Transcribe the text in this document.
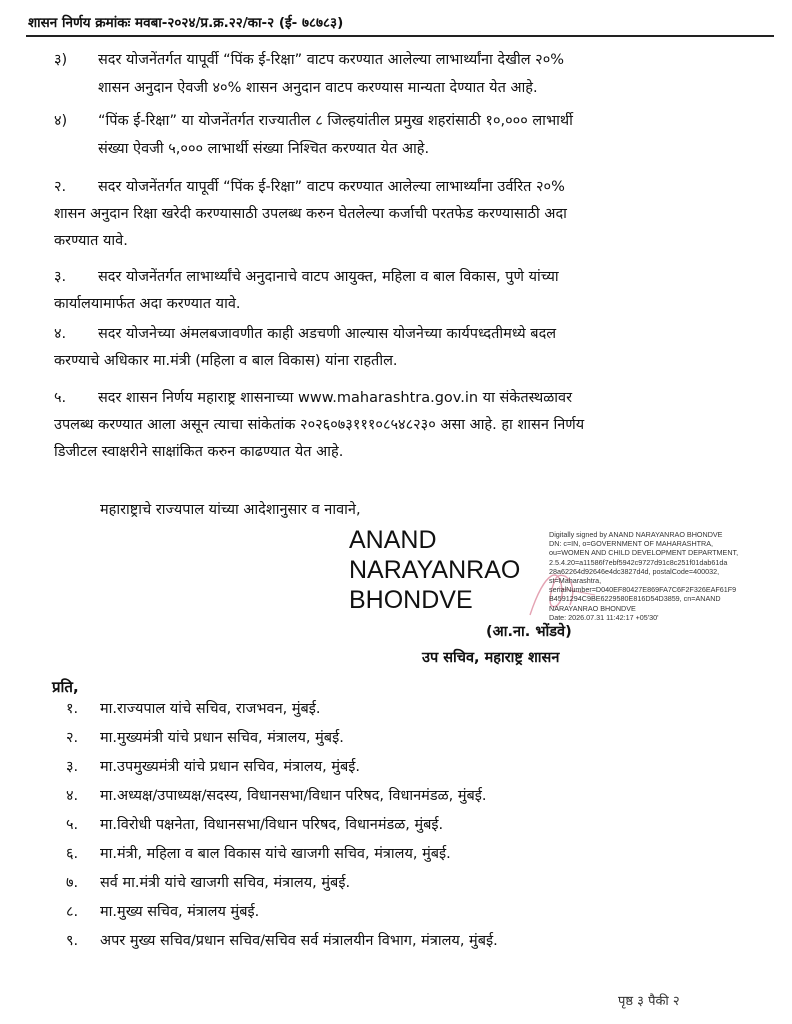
शासन निर्णय क्रमांकः मवबा-२०२४/प्र.क्र.२२/का-२ (ई- ७८७८३)
३) सदर योजनेंतर्गत यापूर्वी “पिंक ई-रिक्षा” वाटप करण्यात आलेल्या लाभार्थ्यांना देखील २०%
शासन अनुदान ऐवजी ४०% शासन अनुदान वाटप करण्यास मान्यता देण्यात येत आहे.
४) “पिंक ई-रिक्षा” या योजनेंतर्गत राज्यातील ८ जिल्हयांतील प्रमुख शहरांसाठी १०,००० लाभार्थी
संख्या ऐवजी ५,००० लाभार्थी संख्या निश्चित करण्यात येत आहे.
२. सदर योजनेंतर्गत यापूर्वी “पिंक ई-रिक्षा” वाटप करण्यात आलेल्या लाभार्थ्यांना उर्वरित २०%
शासन अनुदान रिक्षा खरेदी करण्यासाठी उपलब्ध करुन घेतलेल्या कर्जाची परतफेड करण्यासाठी अदा
करण्यात यावे.
३. सदर योजनेंतर्गत लाभार्थ्यांचे अनुदानाचे वाटप आयुक्त, महिला व बाल विकास, पुणे यांच्या
कार्यालयामार्फत अदा करण्यात यावे.
४. सदर योजनेच्या अंमलबजावणीत काही अडचणी आल्यास योजनेच्या कार्यपध्दतीमध्ये बदल
करण्याचे अधिकार मा.मंत्री (महिला व बाल विकास) यांना राहतील.
५. सदर शासन निर्णय महाराष्ट्र शासनाच्या www.maharashtra.gov.in या संकेतस्थळावर
उपलब्ध करण्यात आला असून त्याचा सांकेतांक २०२६०७३१११०८५४८२३० असा आहे. हा शासन निर्णय
डिजीटल स्वाक्षरीने साक्षांकित करुन काढण्यात येत आहे.
महाराष्ट्राचे राज्यपाल यांच्या आदेशानुसार व नावाने,
ANAND
NARAYANRAO
BHONDVE
Digitally signed by ANAND NARAYANRAO BHONDVE
DN: c=IN, o=GOVERNMENT OF MAHARASHTRA,
ou=WOMEN AND CHILD DEVELOPMENT DEPARTMENT,
2.5.4.20=a11586f7ebf5942c9727d91c8c251f01dab61da
28a62264d92646e4dc3827d4d, postalCode=400032,
st=Maharashtra,
serialNumber=D040EF80427E869FA7C6F2F326EAF61F9
B4591294C9BE6229580E816D54D3859, cn=ANAND
NARAYANRAO BHONDVE
Date: 2026.07.31 11:42:17 +05'30'
(आ.ना. भोंडवे)
उप सचिव, महाराष्ट्र शासन
प्रति,
१. मा.राज्यपाल यांचे सचिव, राजभवन, मुंबई.
२. मा.मुख्यमंत्री यांचे प्रधान सचिव, मंत्रालय, मुंबई.
३. मा.उपमुख्यमंत्री यांचे प्रधान सचिव, मंत्रालय, मुंबई.
४. मा.अध्यक्ष/उपाध्यक्ष/सदस्य, विधानसभा/विधान परिषद, विधानमंडळ, मुंबई.
५. मा.विरोधी पक्षनेता, विधानसभा/विधान परिषद, विधानमंडळ, मुंबई.
६. मा.मंत्री, महिला व बाल विकास यांचे खाजगी सचिव, मंत्रालय, मुंबई.
७. सर्व मा.मंत्री यांचे खाजगी सचिव, मंत्रालय, मुंबई.
८. मा.मुख्य सचिव, मंत्रालय मुंबई.
९. अपर मुख्य सचिव/प्रधान सचिव/सचिव सर्व मंत्रालयीन विभाग, मंत्रालय, मुंबई.
पृष्ठ ३ पैकी २
